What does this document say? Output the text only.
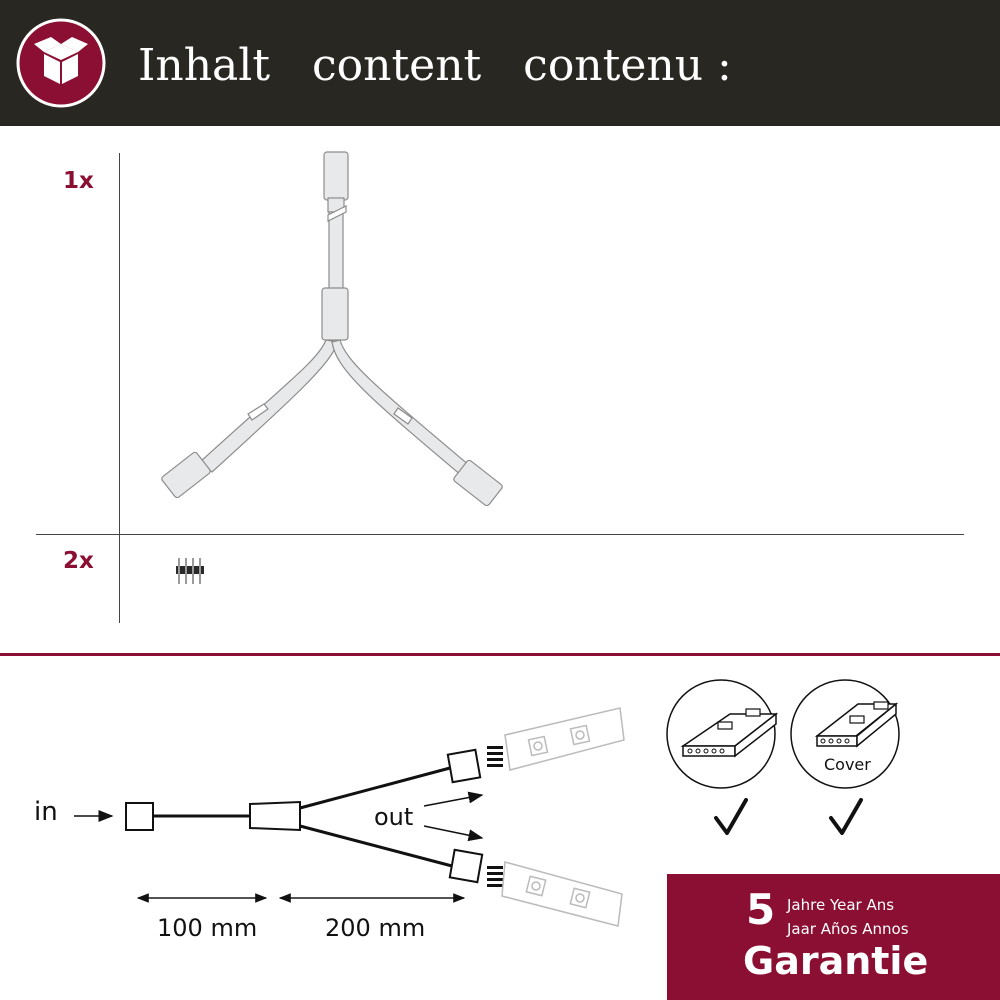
Inhalt   content   contenu :
1x
2x
in	out
100 mm	200 mm
Cover
5 Jahre Year Ans
Jaar Años Annos
Garantie
